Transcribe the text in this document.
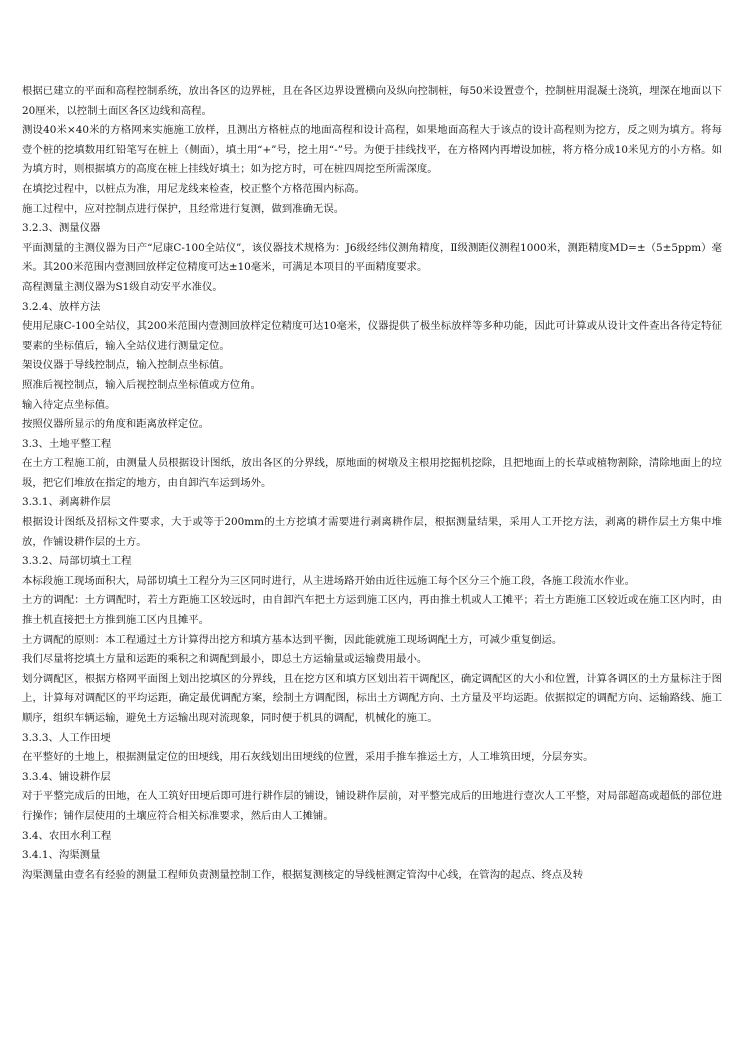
根据已建立的平面和高程控制系统，放出各区的边界桩，且在各区边界设置横向及纵向控制桩，每50米设置壹个，控制桩用混凝土浇筑，埋深在地面以下20厘米，以控制土面区各区边线和高程。

测设40米×40米的方格网来实施施工放样，且测出方格桩点的地面高程和设计高程，如果地面高程大于该点的设计高程则为挖方，反之则为填方。将每壹个桩的挖填数用红铅笔写在桩上（侧面），填土用“+”号，挖土用“-”号。为便于挂线找平，在方格网内再增设加桩，将方格分成10米见方的小方格。如为填方时，则根据填方的高度在桩上挂线好填土；如为挖方时，可在桩四周挖至所需深度。

在填挖过程中，以桩点为准，用尼龙线来检查，校正整个方格范围内标高。

施工过程中，应对控制点进行保护，且经常进行复测，做到准确无误。

3.2.3、测量仪器

平面测量的主测仪器为日产“尼康C-100全站仪”，该仪器技术规格为：J6级经纬仪测角精度，Ⅱ级测距仪测程1000米，测距精度MD=±（5±5ppm）毫米。其200米范围内壹测回放样定位精度可达±10毫米，可满足本项目的平面精度要求。

高程测量主测仪器为S1级自动安平水准仪。

3.2.4、放样方法

使用尼康C-100全站仪，其200米范围内壹测回放样定位精度可达10毫米，仪器提供了极坐标放样等多种功能，因此可计算或从设计文件查出各待定特征要素的坐标值后，输入全站仪进行测量定位。

架设仪器于导线控制点，输入控制点坐标值。

照准后视控制点，输入后视控制点坐标值或方位角。

输入待定点坐标值。

按照仪器所显示的角度和距离放样定位。

3.3、土地平整工程

在土方工程施工前，由测量人员根据设计图纸，放出各区的分界线，原地面的树墩及主根用挖掘机挖除，且把地面上的长草或植物割除，清除地面上的垃圾，把它们堆放在指定的地方，由自卸汽车运到场外。

3.3.1、剥离耕作层

根据设计图纸及招标文件要求，大于或等于200mm的土方挖填才需要进行剥离耕作层，根据测量结果，采用人工开挖方法，剥离的耕作层土方集中堆放，作铺设耕作层的土方。

3.3.2、局部切填土工程

本标段施工现场面积大，局部切填土工程分为三区同时进行，从主进场路开始由近往远施工每个区分三个施工段，各施工段流水作业。

土方的调配：土方调配时，若土方距施工区较远时，由自卸汽车把土方运到施工区内，再由推土机或人工摊平；若土方距施工区较近或在施工区内时，由推土机直接把土方推到施工区内且摊平。

土方调配的原则：本工程通过土方计算得出挖方和填方基本达到平衡，因此能就施工现场调配土方，可减少重复倒运。

我们尽量将挖填土方量和运距的乘积之和调配到最小，即总土方运输量或运输费用最小。

划分调配区，根据方格网平面图上划出挖填区的分界线，且在挖方区和填方区划出若干调配区，确定调配区的大小和位置，计算各调区的土方量标注于图上，计算每对调配区的平均运距，确定最优调配方案，绘制土方调配图，标出土方调配方向、土方量及平均运距。依据拟定的调配方向、运输路线、施工顺序，组织车辆运输，避免土方运输出现对流现象，同时便于机具的调配，机械化的施工。

3.3.3、人工作田埂

在平整好的土地上，根据测量定位的田埂线，用石灰线划出田埂线的位置，采用手推车推运土方，人工堆筑田埂，分层夯实。

3.3.4、铺设耕作层

对于平整完成后的田地，在人工筑好田埂后即可进行耕作层的铺设，铺设耕作层前，对平整完成后的田地进行壹次人工平整，对局部超高或超低的部位进行操作；铺作层使用的土壤应符合相关标准要求，然后由人工摊铺。

3.4、农田水利工程

3.4.1、沟渠测量

沟渠测量由壹名有经验的测量工程师负责测量控制工作，根据复测核定的导线桩测定管沟中心线，在管沟的起点、终点及转
